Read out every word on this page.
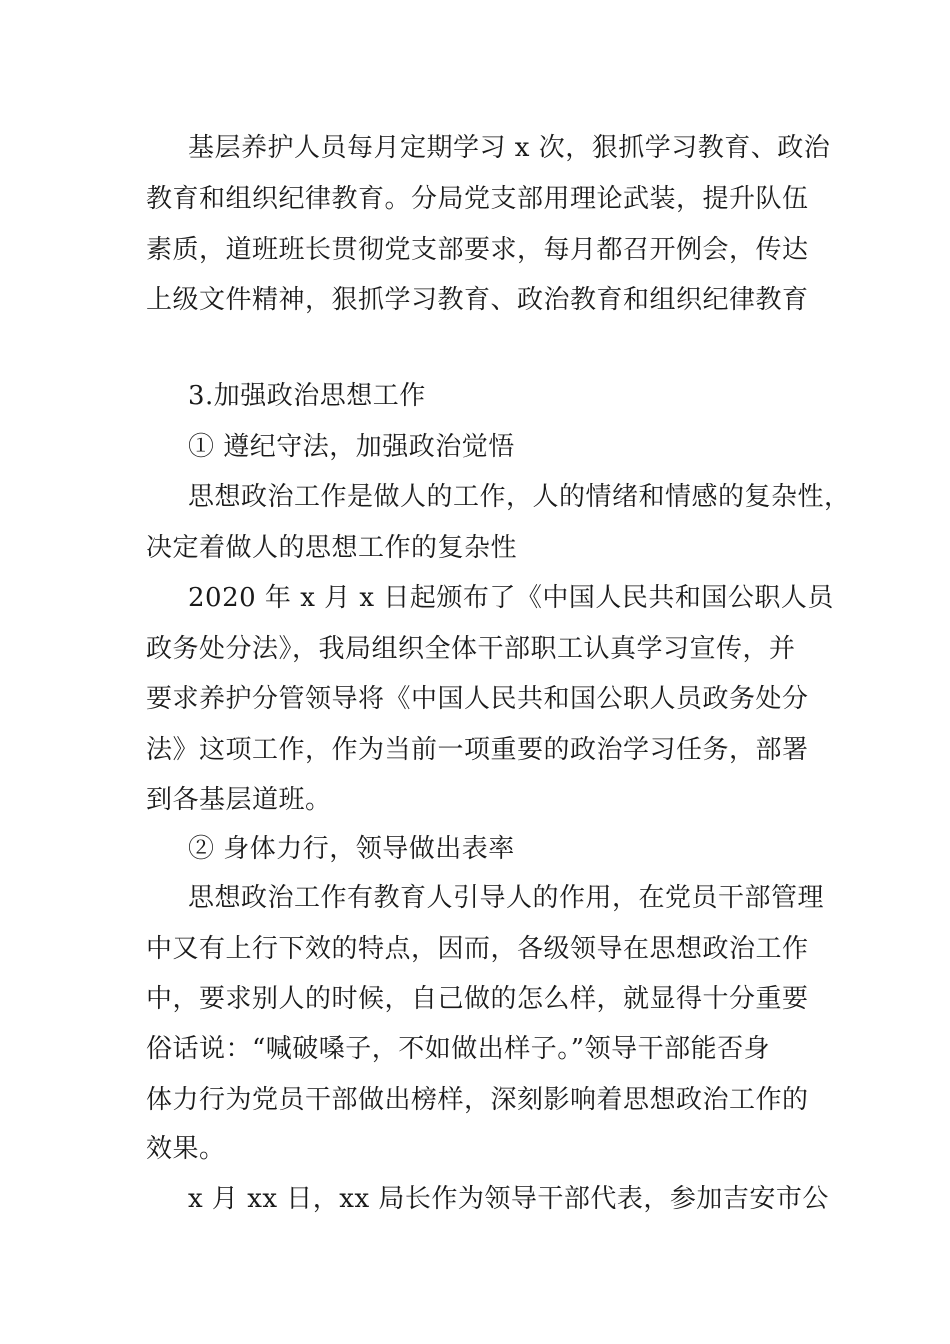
基层养护人员每月定期学习 x 次，狠抓学习教育、政治
教育和组织纪律教育。分局党支部用理论武装，提升队伍
素质，道班班长贯彻党支部要求，每月都召开例会，传达
上级文件精神，狠抓学习教育、政治教育和组织纪律教育
3.加强政治思想工作
① 遵纪守法，加强政治觉悟
思想政治工作是做人的工作，人的情绪和情感的复杂性，
决定着做人的思想工作的复杂性
2020 年 x 月 x 日起颁布了《中国人民共和国公职人员
政务处分法》，我局组织全体干部职工认真学习宣传，并
要求养护分管领导将《中国人民共和国公职人员政务处分
法》这项工作，作为当前一项重要的政治学习任务，部署
到各基层道班。
② 身体力行，领导做出表率
思想政治工作有教育人引导人的作用，在党员干部管理
中又有上行下效的特点，因而，各级领导在思想政治工作
中，要求别人的时候，自己做的怎么样，就显得十分重要
俗话说：“喊破嗓子，不如做出样子。”领导干部能否身
体力行为党员干部做出榜样，深刻影响着思想政治工作的
效果。
x 月 xx 日，xx 局长作为领导干部代表，参加吉安市公
